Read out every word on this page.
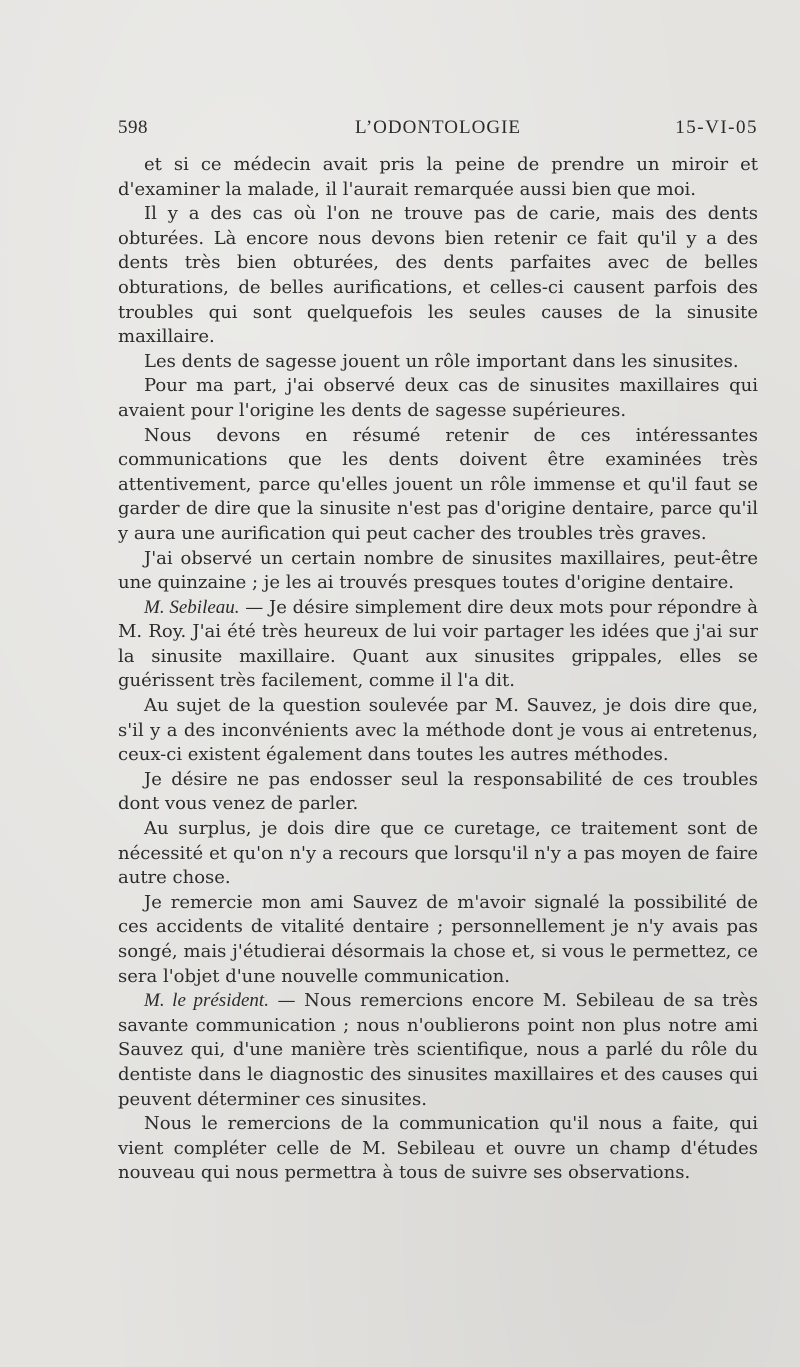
598	L’ODONTOLOGIE	15-VI-05

et si ce médecin avait pris la peine de prendre un miroir et d'examiner la malade, il l'aurait remarquée aussi bien que moi.

Il y a des cas où l'on ne trouve pas de carie, mais des dents obturées. Là encore nous devons bien retenir ce fait qu'il y a des dents très bien obturées, des dents parfaites avec de belles obturations, de belles aurifications, et celles-ci causent parfois des troubles qui sont quelquefois les seules causes de la sinusite maxillaire.

Les dents de sagesse jouent un rôle important dans les sinusites.

Pour ma part, j'ai observé deux cas de sinusites maxillaires qui avaient pour l'origine les dents de sagesse supérieures.

Nous devons en résumé retenir de ces intéressantes communications que les dents doivent être examinées très attentivement, parce qu'elles jouent un rôle immense et qu'il faut se garder de dire que la sinusite n'est pas d'origine dentaire, parce qu'il y aura une aurification qui peut cacher des troubles très graves.

J'ai observé un certain nombre de sinusites maxillaires, peut-être une quinzaine ; je les ai trouvés presques toutes d'origine dentaire.

M. Sebileau. — Je désire simplement dire deux mots pour répondre à M. Roy. J'ai été très heureux de lui voir partager les idées que j'ai sur la sinusite maxillaire. Quant aux sinusites grippales, elles se guérissent très facilement, comme il l'a dit.

Au sujet de la question soulevée par M. Sauvez, je dois dire que, s'il y a des inconvénients avec la méthode dont je vous ai entretenus, ceux-ci existent également dans toutes les autres méthodes.

Je désire ne pas endosser seul la responsabilité de ces troubles dont vous venez de parler.

Au surplus, je dois dire que ce curetage, ce traitement sont de nécessité et qu'on n'y a recours que lorsqu'il n'y a pas moyen de faire autre chose.

Je remercie mon ami Sauvez de m'avoir signalé la possibilité de ces accidents de vitalité dentaire ; personnellement je n'y avais pas songé, mais j'étudierai désormais la chose et, si vous le permettez, ce sera l'objet d'une nouvelle communication.

M. le président. — Nous remercions encore M. Sebileau de sa très savante communication ; nous n'oublierons point non plus notre ami Sauvez qui, d'une manière très scientifique, nous a parlé du rôle du dentiste dans le diagnostic des sinusites maxillaires et des causes qui peuvent déterminer ces sinusites.

Nous le remercions de la communication qu'il nous a faite, qui vient compléter celle de M. Sebileau et ouvre un champ d'études nouveau qui nous permettra à tous de suivre ses observations.
